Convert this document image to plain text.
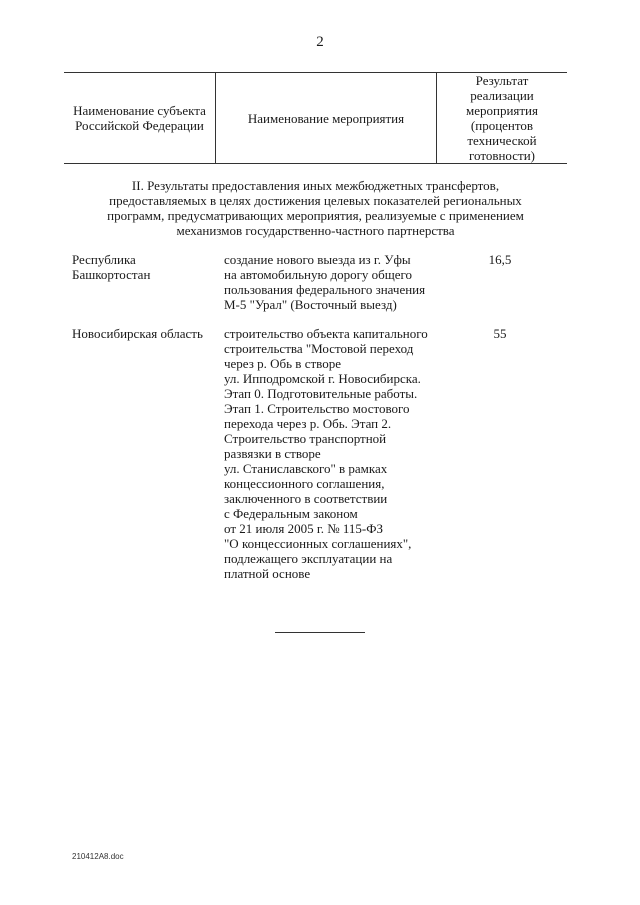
2
Наименование субъекта
Российской Федерации	Наименование мероприятия
Результат
реализации
мероприятия
(процентов
технической
готовности)
II. Результаты предоставления иных межбюджетных трансфертов,
предоставляемых в целях достижения целевых показателей региональных
программ, предусматривающих мероприятия, реализуемые с применением
механизмов государственно-частного партнерства
Республика
Башкортостан
создание нового выезда из г. Уфы
на автомобильную дорогу общего
пользования федерального значения
М-5 "Урал" (Восточный выезд)
16,5
Новосибирская область	строительство объекта капитального
строительства "Мостовой переход
через р. Обь в створе
ул. Ипподромской г. Новосибирска.
Этап 0. Подготовительные работы.
Этап 1. Строительство мостового
перехода через р. Обь. Этап 2.
Строительство транспортной
развязки в створе
ул. Станиславского" в рамках
концессионного соглашения,
заключенного в соответствии
с Федеральным законом
от 21 июля 2005 г. № 115-ФЗ
"О концессионных соглашениях",
подлежащего эксплуатации на
платной основе
55
210412A8.doc
